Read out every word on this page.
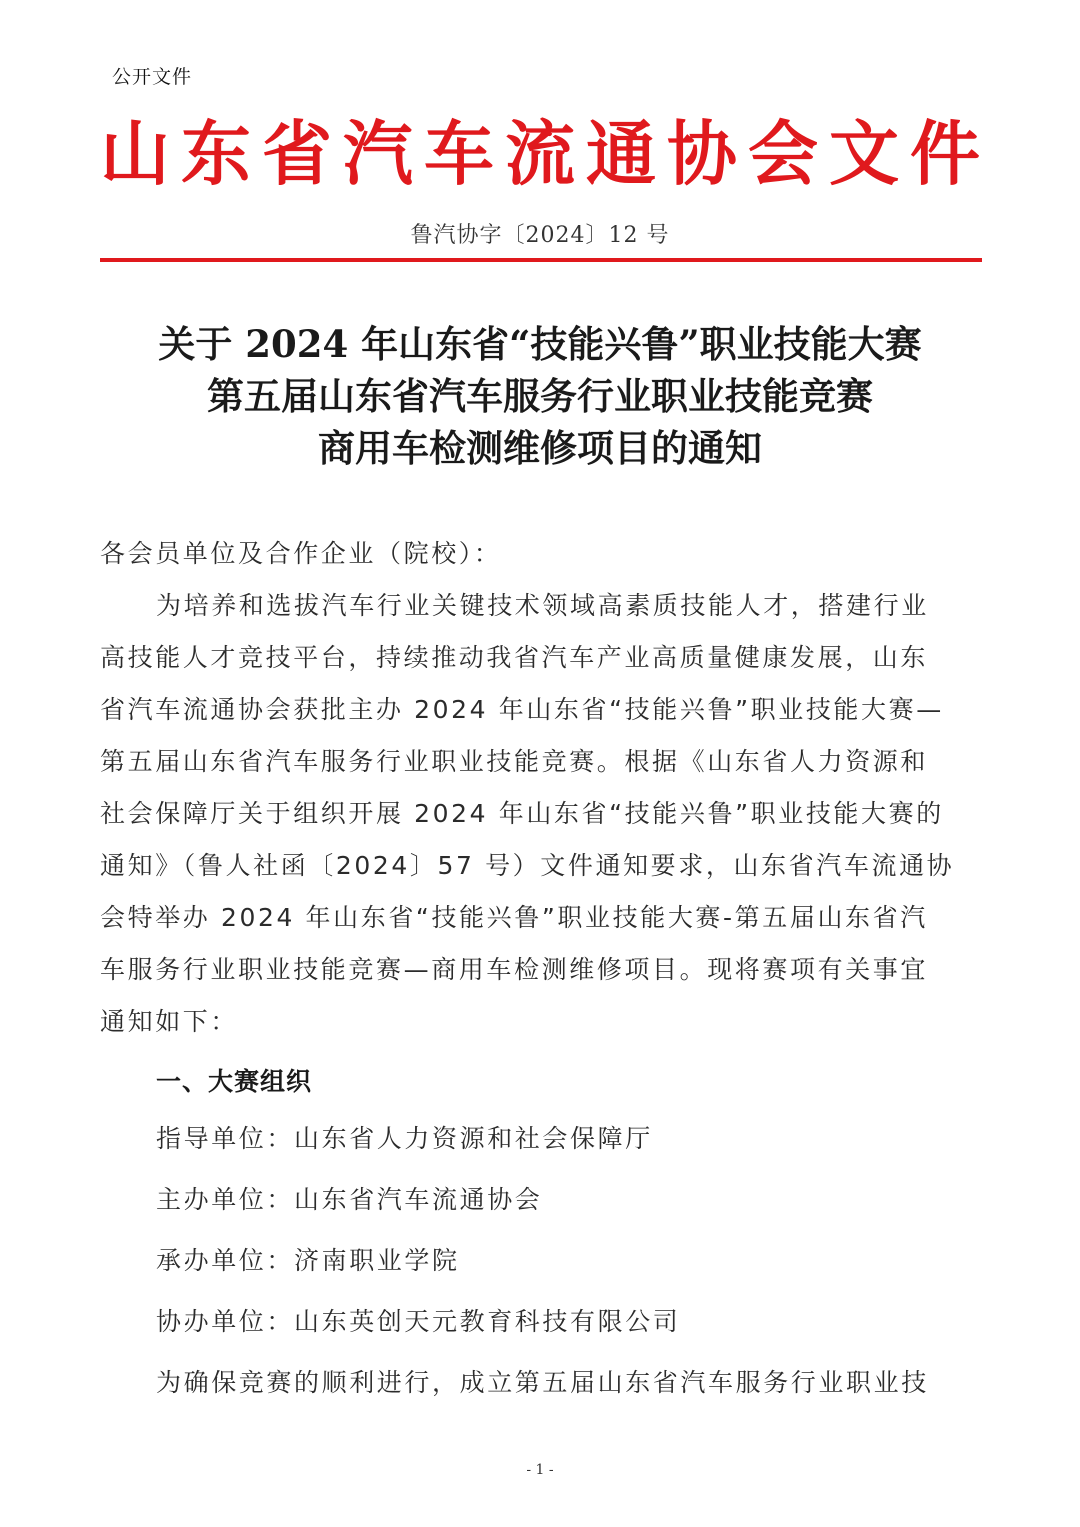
公开文件
山 东 省 汽 车 流 通 协 会 文 件
鲁汽协字〔2024〕12 号
关于 2024 年山东省“技能兴鲁”职业技能大赛
第五届山东省汽车服务行业职业技能竞赛
商用车检测维修项目的通知
各会员单位及合作企业（院校）：
为培养和选拔汽车行业关键技术领域高素质技能人才，搭建行业
高技能人才竞技平台，持续推动我省汽车产业高质量健康发展，山东
省汽车流通协会获批主办 2024 年山东省“技能兴鲁”职业技能大赛—
第五届山东省汽车服务行业职业技能竞赛。根据《山东省人力资源和
社会保障厅关于组织开展 2024 年山东省“技能兴鲁”职业技能大赛的
通知》（鲁人社函〔2024〕57 号）文件通知要求，山东省汽车流通协
会特举办 2024 年山东省“技能兴鲁”职业技能大赛-第五届山东省汽
车服务行业职业技能竞赛—商用车检测维修项目。现将赛项有关事宜
通知如下：
一、大赛组织
指导单位：山东省人力资源和社会保障厅
主办单位：山东省汽车流通协会
承办单位：济南职业学院
协办单位：山东英创天元教育科技有限公司
为确保竞赛的顺利进行，成立第五届山东省汽车服务行业职业技
- 1 -
